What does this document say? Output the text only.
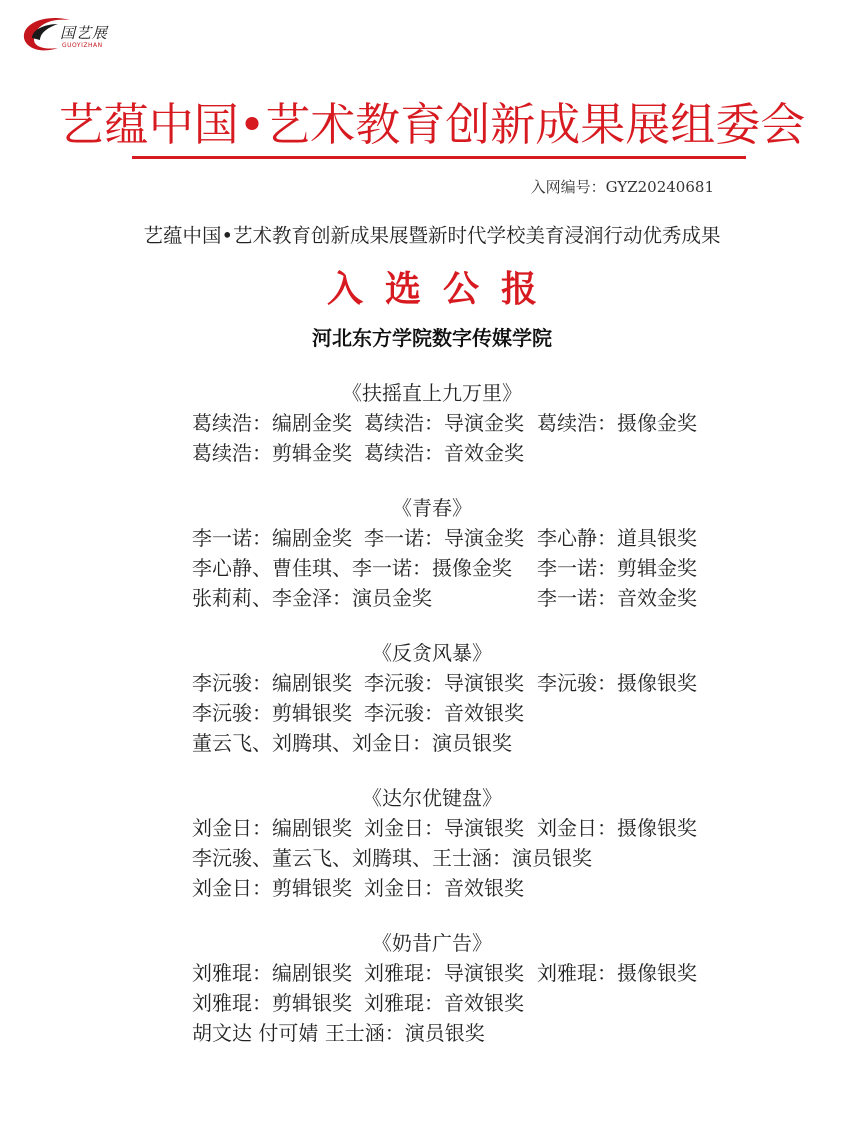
国艺展
GUOYIZHAN
艺蕴中国•艺术教育创新成果展组委会
入网编号：GYZ20240681
艺蕴中国•艺术教育创新成果展暨新时代学校美育浸润行动优秀成果
入选公报
河北东方学院数字传媒学院
《扶摇直上九万里》
葛续浩：编剧金奖 葛续浩：导演金奖 葛续浩：摄像金奖
葛续浩：剪辑金奖 葛续浩：音效金奖
《青春》
李一诺：编剧金奖 李一诺：导演金奖 李心静：道具银奖
李心静、曹佳琪、李一诺：摄像金奖 李一诺：剪辑金奖
张莉莉、李金泽：演员金奖	李一诺：音效金奖
《反贪风暴》
李沅骏：编剧银奖 李沅骏：导演银奖 李沅骏：摄像银奖
李沅骏：剪辑银奖 李沅骏：音效银奖
董云飞、刘腾琪、刘金日：演员银奖
《达尔优键盘》
刘金日：编剧银奖 刘金日：导演银奖 刘金日：摄像银奖
李沅骏、董云飞、刘腾琪、王士涵：演员银奖
刘金日：剪辑银奖 刘金日：音效银奖
《奶昔广告》
刘雅琨：编剧银奖 刘雅琨：导演银奖 刘雅琨：摄像银奖
刘雅琨：剪辑银奖 刘雅琨：音效银奖
胡文达 付可婧 王士涵：演员银奖
